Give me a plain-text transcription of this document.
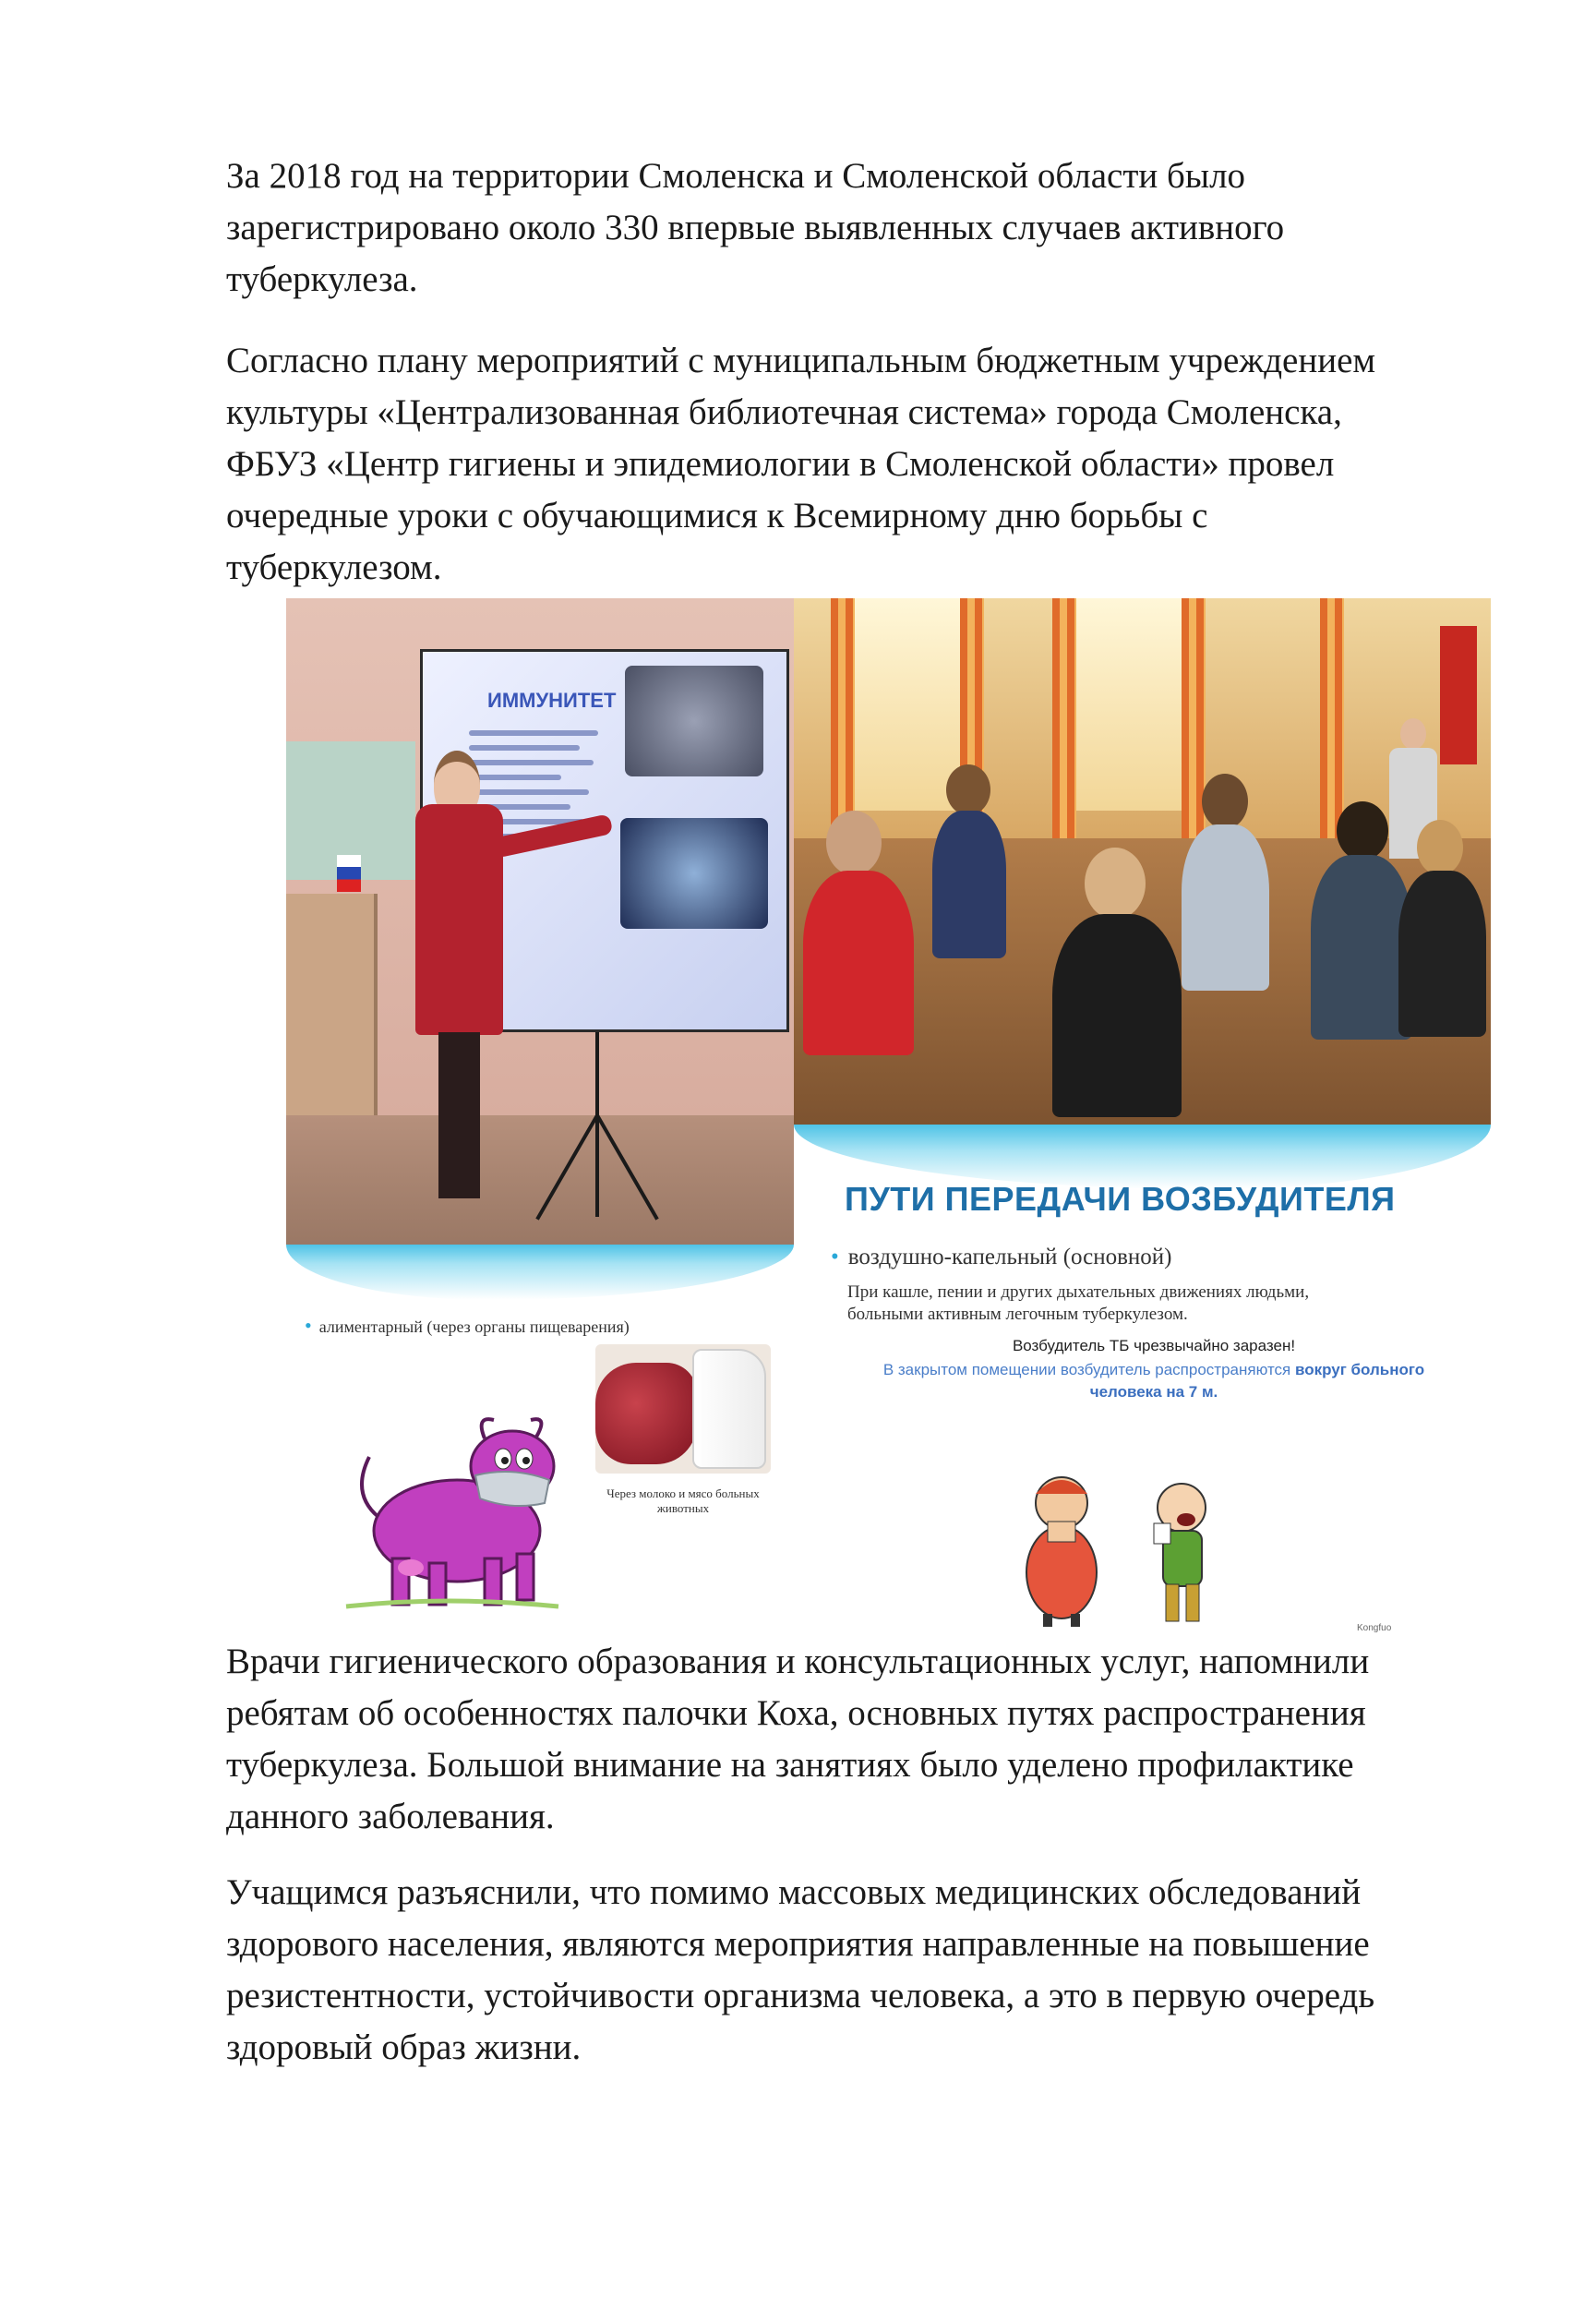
За 2018 год на территории Смоленска и Смоленской области было
зарегистрировано около 330 впервые выявленных случаев активного
туберкулеза.

Согласно плану мероприятий с муниципальным бюджетным учреждением
культуры «Централизованная библиотечная система» города Смоленска,
ФБУЗ «Центр гигиены и эпидемиологии в Смоленской области» провел
очередные уроки с обучающимися к Всемирному дню борьбы с
туберкулезом.

ИММУНИТЕТ
• алиментарный (через органы пищеварения)
Через молоко и мясо больных животных
ПУТИ ПЕРЕДАЧИ ВОЗБУДИТЕЛЯ
• воздушно-капельный (основной)
При кашле, пении и других дыхательных движениях людьми,
больными активным легочным туберкулезом.
Возбудитель ТБ чрезвычайно заразен!
В закрытом помещении возбудитель распространяются вокруг больного человека на 7 м.
Kongfuo

Врачи гигиенического образования и консультационных услуг, напомнили
ребятам об особенностях палочки Коха, основных путях распространения
туберкулеза. Большой внимание на занятиях было уделено профилактике
данного заболевания.

Учащимся разъяснили, что помимо массовых медицинских обследований
здорового населения, являются мероприятия направленные на повышение
резистентности, устойчивости организма человека, а это в первую очередь
здоровый образ жизни.
